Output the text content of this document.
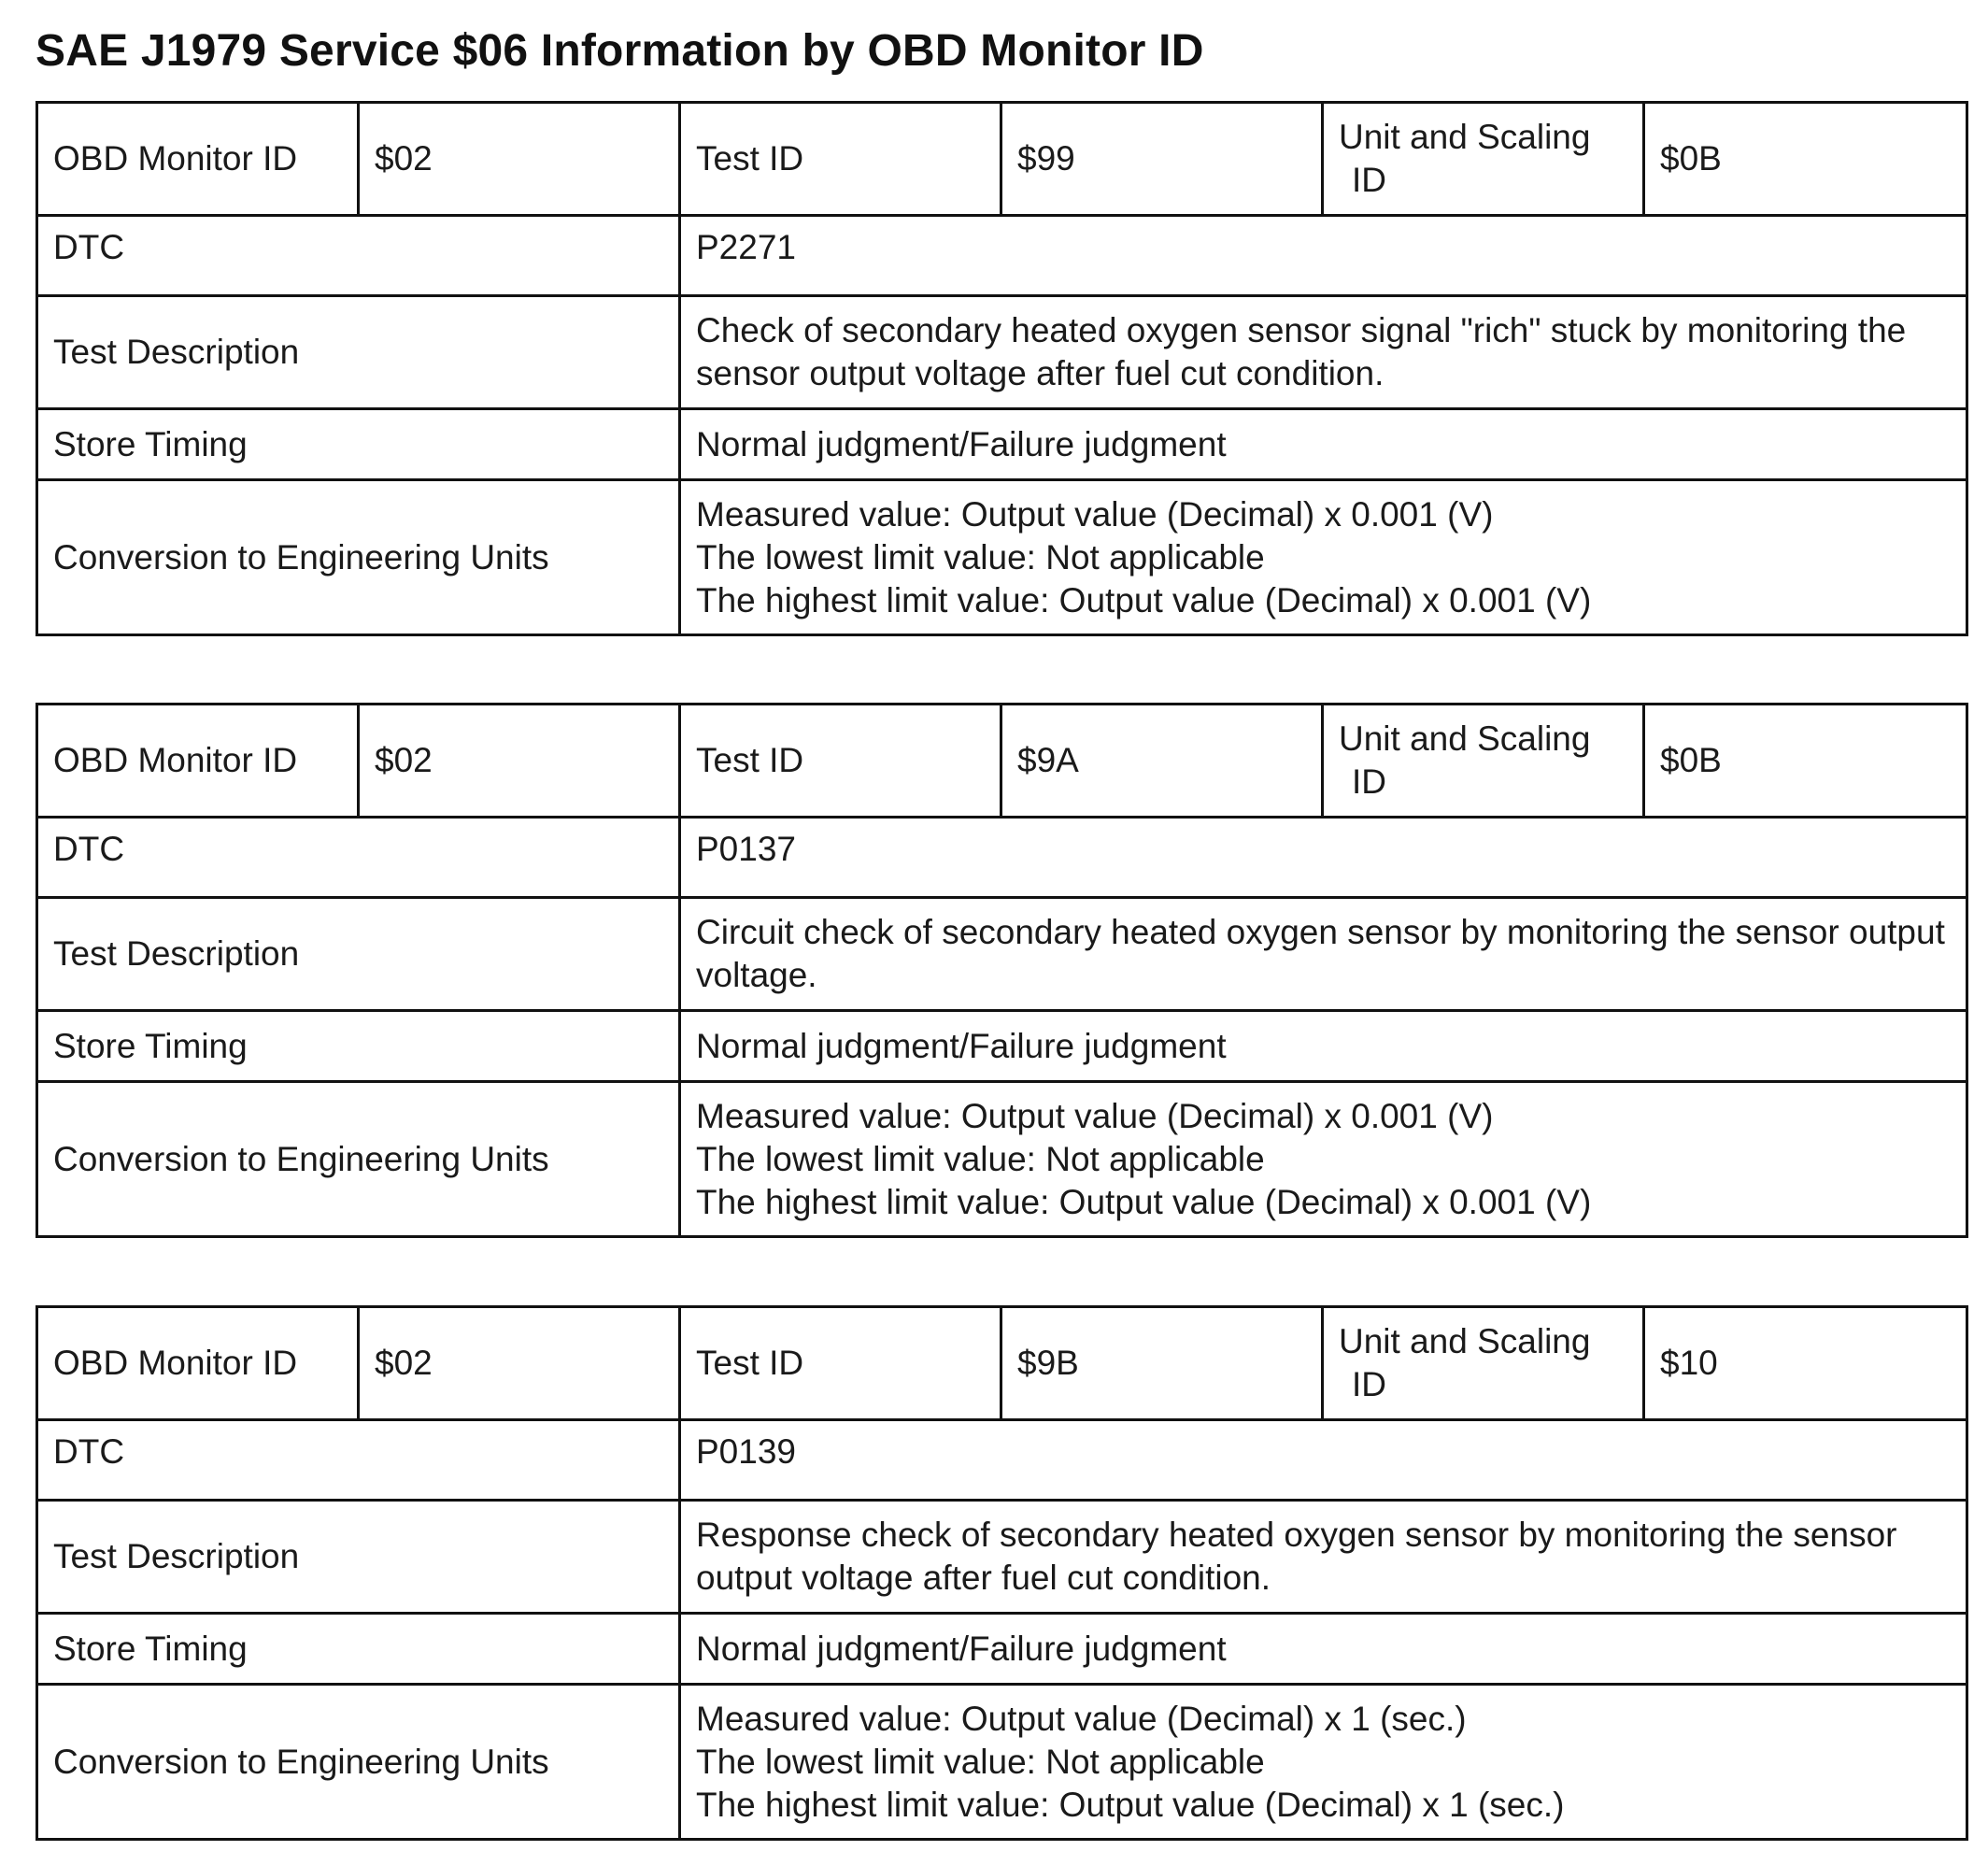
SAE J1979 Service $06 Information by OBD Monitor ID
OBD Monitor ID	$02	Test ID	$99	Unit and Scaling
ID	$0B
DTC		P2271			
Test Description		Check of secondary heated oxygen sensor signal "rich" stuck by monitoring the sensor output voltage after fuel cut condition.			
Store Timing		Normal judgment/Failure judgment			
Conversion to Engineering Units		Measured value: Output value (Decimal) x 0.001 (V)
The lowest limit value: Not applicable
The highest limit value: Output value (Decimal) x 0.001 (V)			
OBD Monitor ID	$02	Test ID	$9A	Unit and Scaling
ID	$0B
DTC		P0137			
Test Description		Circuit check of secondary heated oxygen sensor by monitoring the sensor output voltage.			
Store Timing		Normal judgment/Failure judgment			
Conversion to Engineering Units		Measured value: Output value (Decimal) x 0.001 (V)
The lowest limit value: Not applicable
The highest limit value: Output value (Decimal) x 0.001 (V)			
OBD Monitor ID	$02	Test ID	$9B	Unit and Scaling
ID	$10
DTC		P0139			
Test Description		Response check of secondary heated oxygen sensor by monitoring the sensor output voltage after fuel cut condition.			
Store Timing		Normal judgment/Failure judgment			
Conversion to Engineering Units		Measured value: Output value (Decimal) x 1 (sec.)
The lowest limit value: Not applicable
The highest limit value: Output value (Decimal) x 1 (sec.)			
